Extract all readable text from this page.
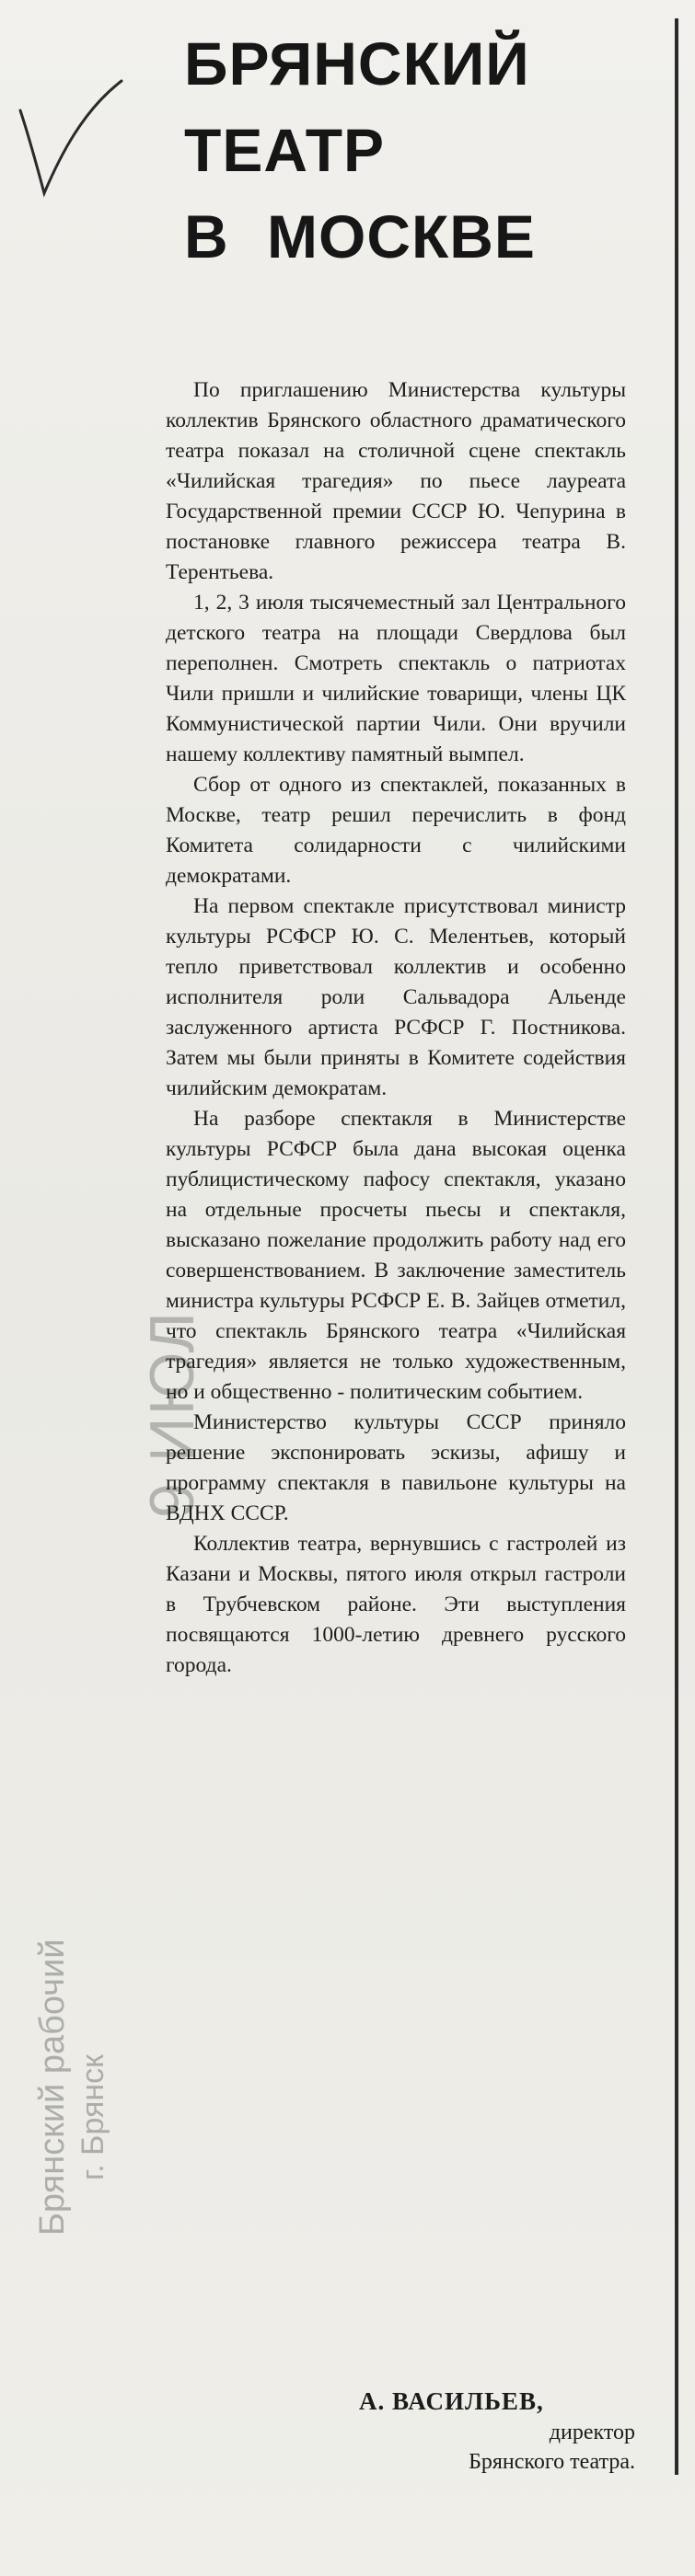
9 ИЮЛ
Брянский рабочий г. Брянск
БРЯНСКИЙ
ТЕАТР
В МОСКВЕ

По приглашению Министерства культуры коллектив Брянского областного драматического театра показал на столичной сцене спектакль «Чилийская трагедия» по пьесе лауреата Государственной премии СССР Ю. Чепурина в постановке главного режиссера театра В. Терентьева.

1, 2, 3 июля тысячеместный зал Центрального детского театра на площади Свердлова был переполнен. Смотреть спектакль о патриотах Чили пришли и чилийские товарищи, члены ЦК Коммунистической партии Чили. Они вручили нашему коллективу памятный вымпел.

Сбор от одного из спектаклей, показанных в Москве, театр решил перечислить в фонд Комитета солидарности с чилийскими демократами.

На первом спектакле присутствовал министр культуры РСФСР Ю. С. Мелентьев, который тепло приветствовал коллектив и особенно исполнителя роли Сальвадора Альенде заслуженного артиста РСФСР Г. Постникова. Затем мы были приняты в Комитете содействия чилийским демократам.

На разборе спектакля в Министерстве культуры РСФСР была дана высокая оценка публицистическому пафосу спектакля, указано на отдельные просчеты пьесы и спектакля, высказано пожелание продолжить работу над его совершенствованием. В заключение заместитель министра культуры РСФСР Е. В. Зайцев отметил, что спектакль Брянского театра «Чилийская трагедия» является не только художественным, но и общественно - политическим событием.

Министерство культуры СССР приняло решение экспонировать эскизы, афишу и программу спектакля в павильоне культуры на ВДНХ СССР.

Коллектив театра, вернувшись с гастролей из Казани и Москвы, пятого июля открыл гастроли в Трубчевском районе. Эти выступления посвящаются 1000-летию древнего русского города.

А. ВАСИЛЬЕВ,
директор
Брянского театра.
